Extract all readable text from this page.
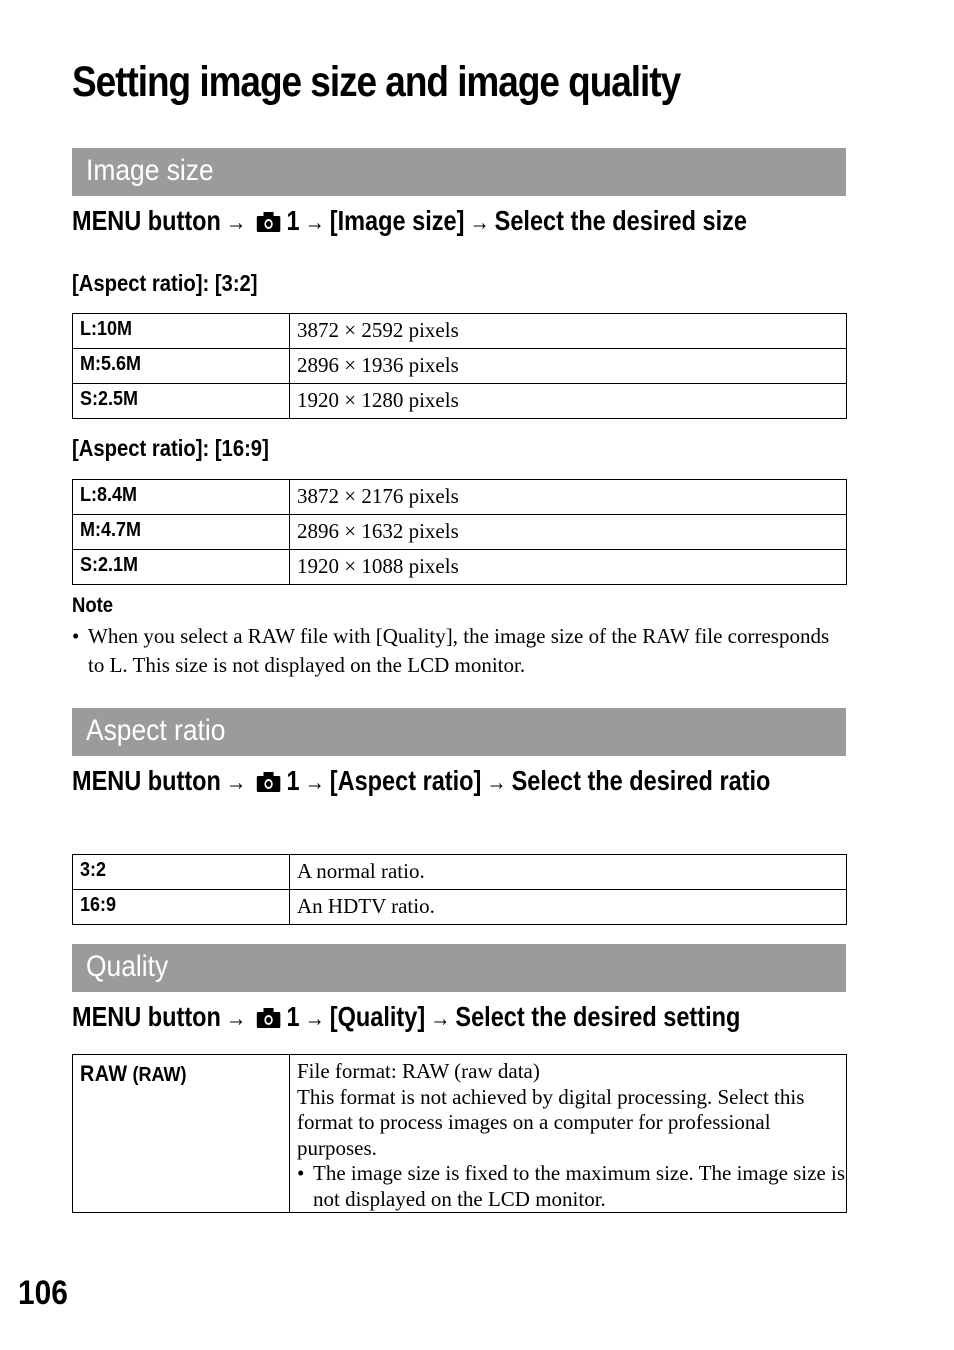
Setting image size and image quality
Image size
MENU button → 1 → [Image size] → Select the desired size
[Aspect ratio]: [3:2]
L:10M	3872 × 2592 pixels
M:5.6M	2896 × 1936 pixels
S:2.5M	1920 × 1280 pixels
[Aspect ratio]: [16:9]
L:8.4M	3872 × 2176 pixels
M:4.7M	2896 × 1632 pixels
S:2.1M	1920 × 1088 pixels
Note
• When you select a RAW file with [Quality], the image size of the RAW file corresponds to L. This size is not displayed on the LCD monitor.
Aspect ratio
MENU button → 1 → [Aspect ratio] → Select the desired ratio
3:2	A normal ratio.
16:9	An HDTV ratio.
Quality
MENU button → 1 → [Quality] → Select the desired setting
RAW (RAW)	File format: RAW (raw data)
This format is not achieved by digital processing. Select this format to process images on a computer for professional purposes.
• The image size is fixed to the maximum size. The image size is not displayed on the LCD monitor.
106
